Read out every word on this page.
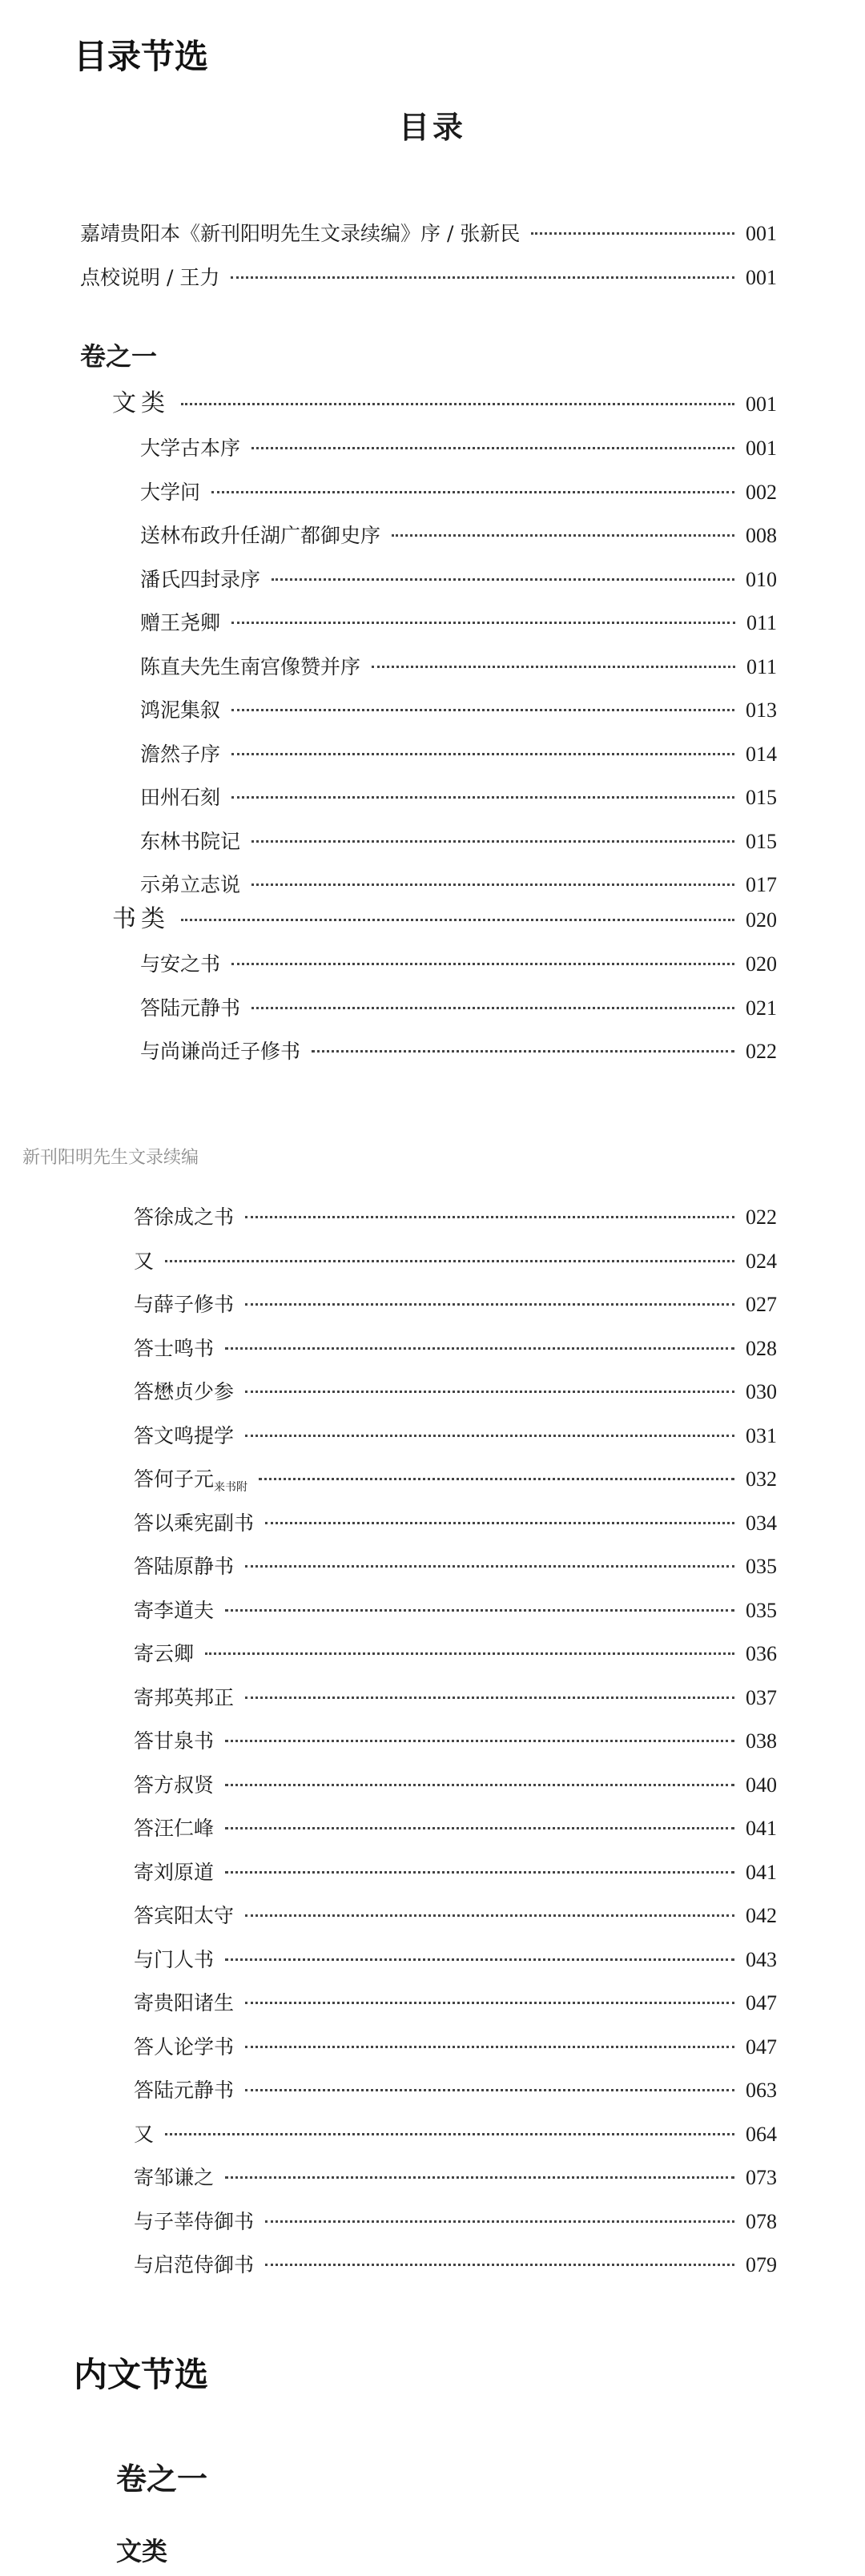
目录节选
目录
嘉靖贵阳本《新刊阳明先生文录续编》序 / 张新民	001
点校说明 / 王力	001
卷之一
文类	001
大学古本序	001
大学问	002
送林布政升任湖广都御史序	008
潘氏四封录序	010
赠王尧卿	011
陈直夫先生南宫像赞并序	011
鸿泥集叙	013
澹然子序	014
田州石刻	015
东林书院记	015
示弟立志说	017
书类	020
与安之书	020
答陆元静书	021
与尚谦尚迁子修书	022
新刊阳明先生文录续编
答徐成之书	022
又	024
与薛子修书	027
答士鸣书	028
答懋贞少参	030
答文鸣提学	031
答何子元$_{来书附}$	032
答以乘宪副书	034
答陆原静书	035
寄李道夫	035
寄云卿	036
寄邦英邦正	037
答甘泉书	038
答方叔贤	040
答汪仁峰	041
寄刘原道	041
答宾阳太守	042
与门人书	043
寄贵阳诸生	047
答人论学书	047
答陆元静书	063
又	064
寄邹谦之	073
与子莘侍御书	078
与启范侍御书	079
内文节选
卷之一
文类
